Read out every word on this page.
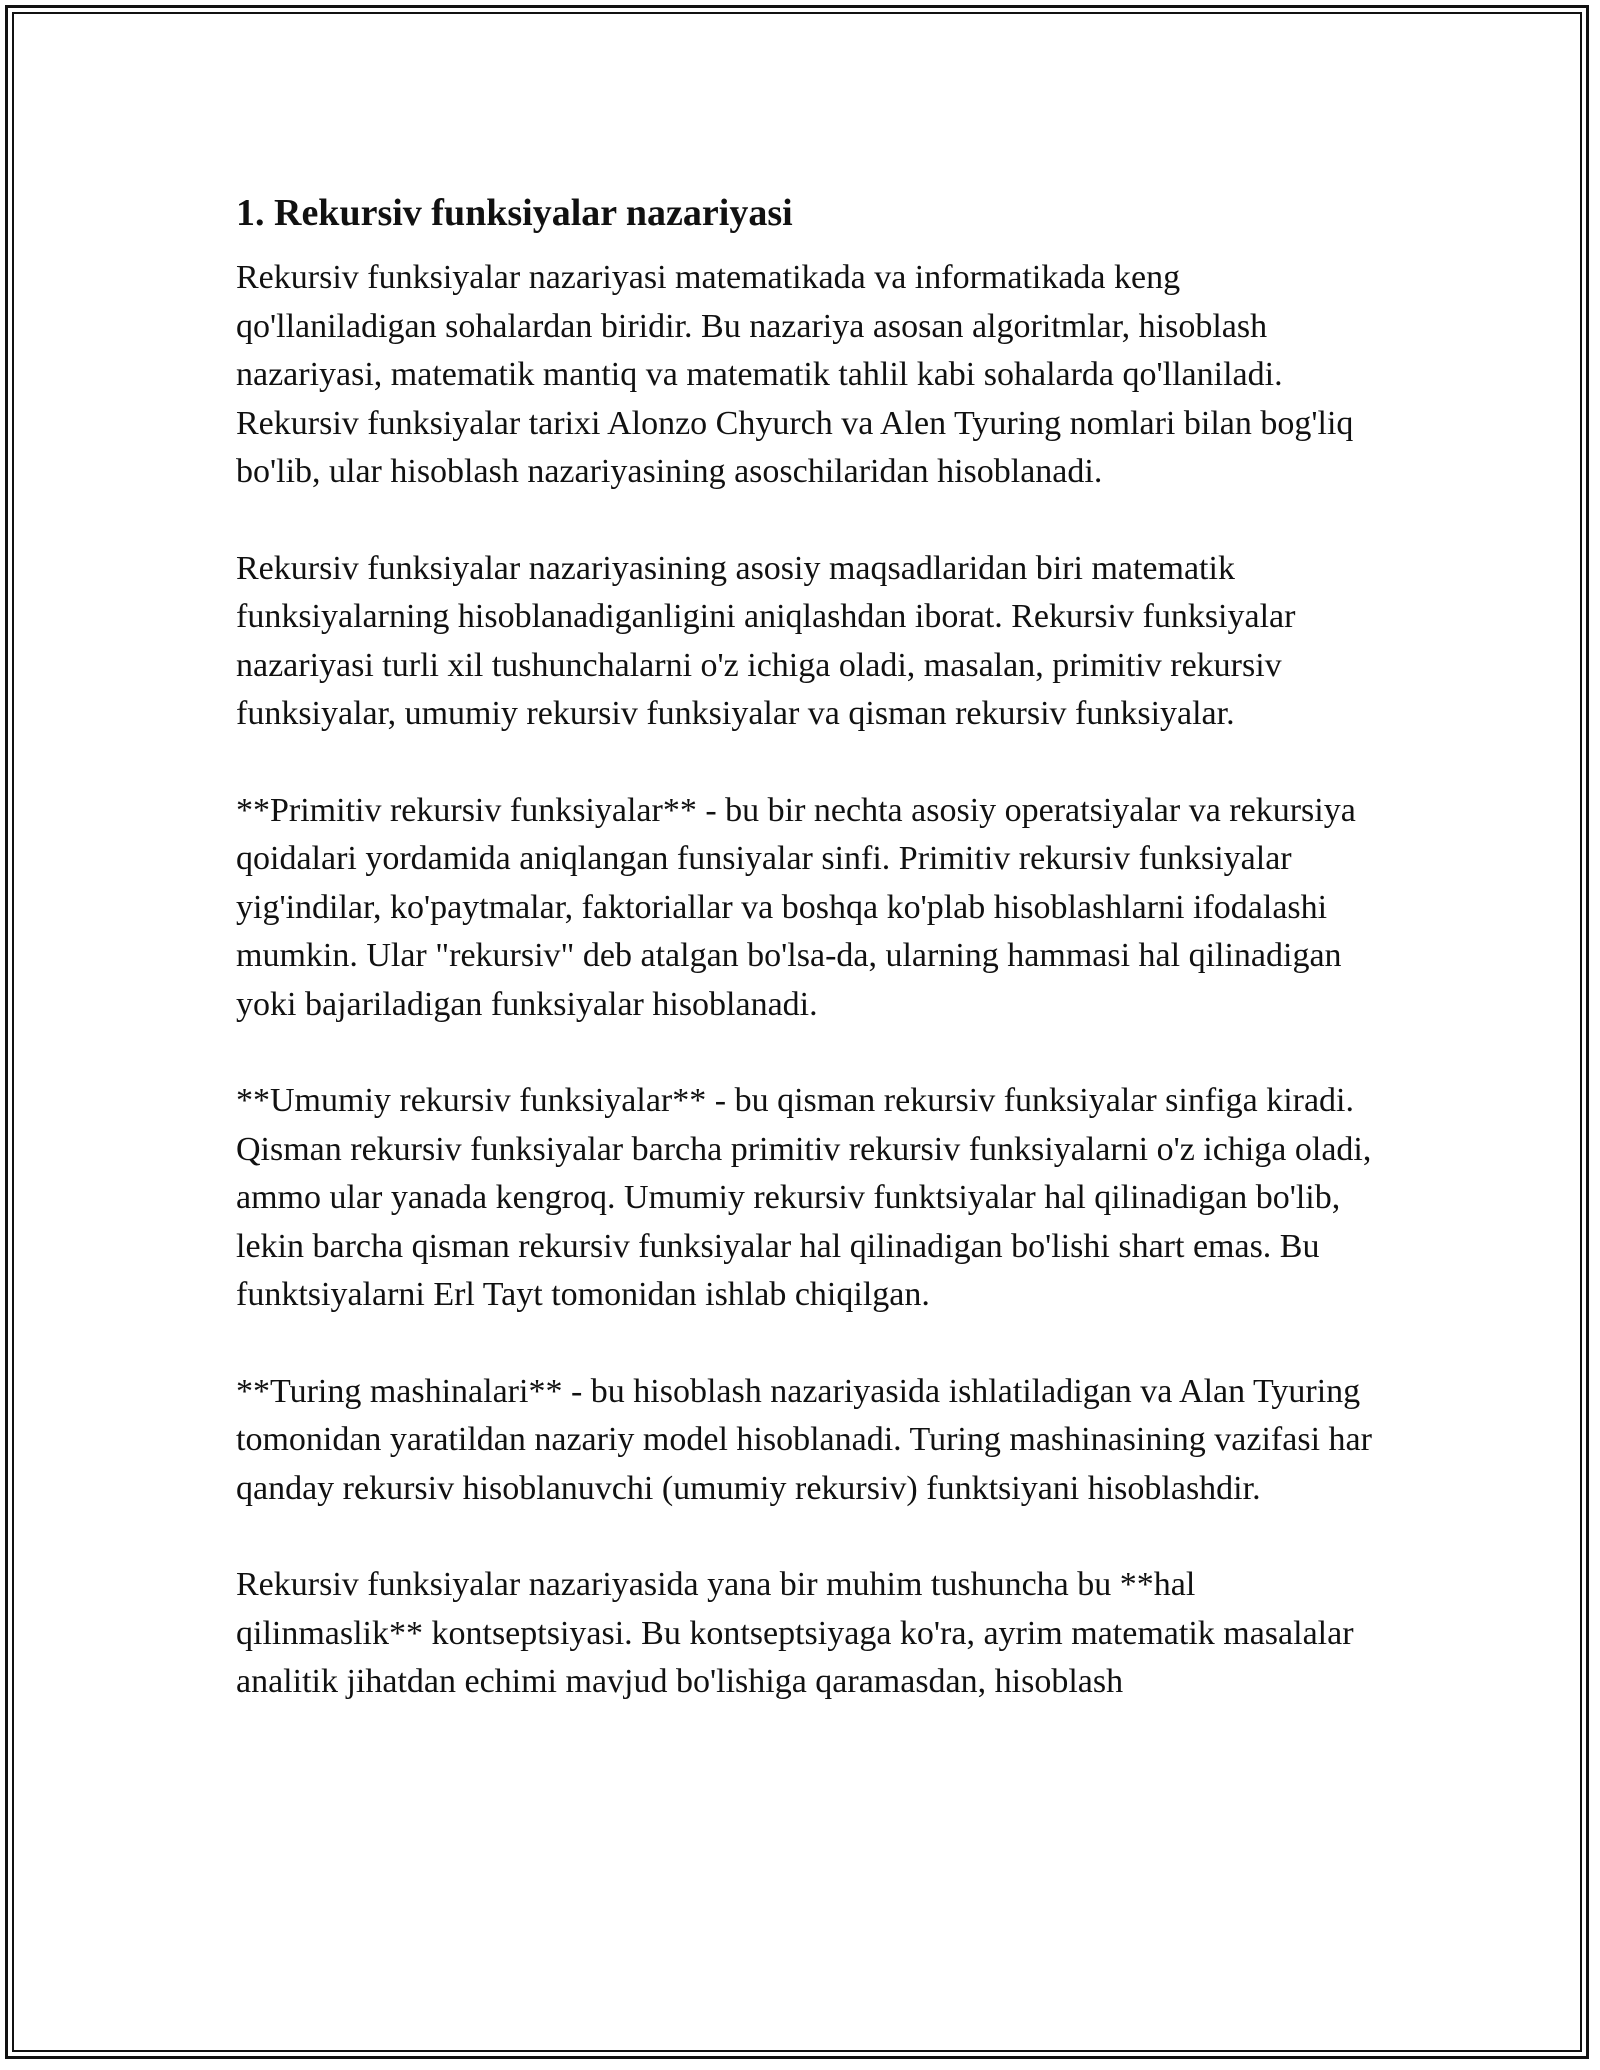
1. Rekursiv funksiyalar nazariyasi

Rekursiv funksiyalar nazariyasi matematikada va informatikada keng qo'llaniladigan sohalardan biridir. Bu nazariya asosan algoritmlar, hisoblash nazariyasi, matematik mantiq va matematik tahlil kabi sohalarda qo'llaniladi. Rekursiv funksiyalar tarixi Alonzo Chyurch va Alen Tyuring nomlari bilan bog'liq bo'lib, ular hisoblash nazariyasining asoschilaridan hisoblanadi.

Rekursiv funksiyalar nazariyasining asosiy maqsadlaridan biri matematik funksiyalarning hisoblanadiganligini aniqlashdan iborat. Rekursiv funksiyalar nazariyasi turli xil tushunchalarni o'z ichiga oladi, masalan, primitiv rekursiv funksiyalar, umumiy rekursiv funksiyalar va qisman rekursiv funksiyalar.

**Primitiv rekursiv funksiyalar** - bu bir nechta asosiy operatsiyalar va rekursiya qoidalari yordamida aniqlangan funsiyalar sinfi. Primitiv rekursiv funksiyalar yig'indilar, ko'paytmalar, faktoriallar va boshqa ko'plab hisoblashlarni ifodalashi mumkin. Ular "rekursiv" deb atalgan bo'lsa-da, ularning hammasi hal qilinadigan yoki bajariladigan funksiyalar hisoblanadi.

**Umumiy rekursiv funksiyalar** - bu qisman rekursiv funksiyalar sinfiga kiradi. Qisman rekursiv funksiyalar barcha primitiv rekursiv funksiyalarni o'z ichiga oladi, ammo ular yanada kengroq. Umumiy rekursiv funktsiyalar hal qilinadigan bo'lib, lekin barcha qisman rekursiv funksiyalar hal qilinadigan bo'lishi shart emas. Bu funktsiyalarni Erl Tayt tomonidan ishlab chiqilgan.

**Turing mashinalari** - bu hisoblash nazariyasida ishlatiladigan va Alan Tyuring tomonidan yaratildan nazariy model hisoblanadi. Turing mashinasining vazifasi har qanday rekursiv hisoblanuvchi (umumiy rekursiv) funktsiyani hisoblashdir.

Rekursiv funksiyalar nazariyasida yana bir muhim tushuncha bu **hal qilinmaslik** kontseptsiyasi. Bu kontseptsiyaga ko'ra, ayrim matematik masalalar analitik jihatdan echimi mavjud bo'lishiga qaramasdan, hisoblash
